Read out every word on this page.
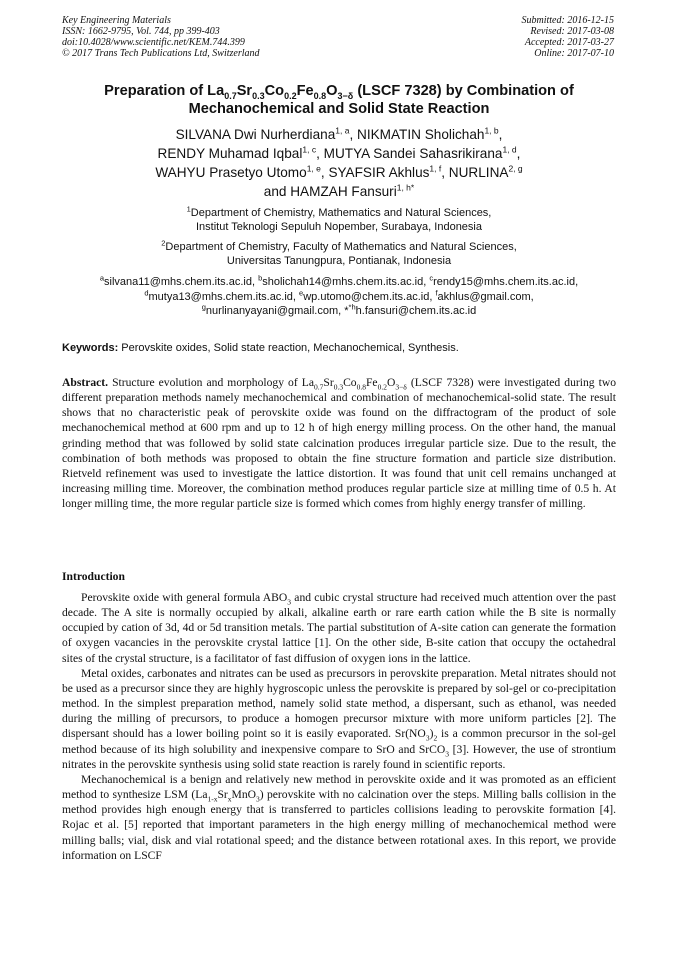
Key Engineering Materials
ISSN: 1662-9795, Vol. 744, pp 399-403
doi:10.4028/www.scientific.net/KEM.744.399
© 2017 Trans Tech Publications Ltd, Switzerland
Submitted: 2016-12-15
Revised: 2017-03-08
Accepted: 2017-03-27
Online: 2017-07-10
Preparation of $La_{0.7}Sr_{0.3}Co_{0.2}Fe_{0.8}O_{3-\delta}$ (LSCF 7328) by Combination of
Mechanochemical and Solid State Reaction
SILVANA Dwi Nurherdiana$^{1, a}$, NIKMATIN Sholichah$^{1, b}$,
RENDY Muhamad Iqbal$^{1, c}$, MUTYA Sandei Sahasrikirana$^{1, d}$,
WAHYU Prasetyo Utomo$^{1, e}$, SYAFSIR Akhlus$^{1, f}$, NURLINA$^{2, g}$
and HAMZAH Fansuri$^{1, h*}$
$^1$Department of Chemistry, Mathematics and Natural Sciences,
Institut Teknologi Sepuluh Nopember, Surabaya, Indonesia
$^2$Department of Chemistry, Faculty of Mathematics and Natural Sciences,
Universitas Tanungpura, Pontianak, Indonesia
$^a$silvana11@mhs.chem.its.ac.id, $^b$sholichah14@mhs.chem.its.ac.id, $^c$rendy15@mhs.chem.its.ac.id,
$^d$mutya13@mhs.chem.its.ac.id, $^e$wp.utomo@chem.its.ac.id, $^f$akhlus@gmail.com,
$^g$nurlinanyayani@gmail.com, *$^{*h}$h.fansuri@chem.its.ac.id
Keywords: Perovskite oxides, Solid state reaction, Mechanochemical, Synthesis.
Abstract. Structure evolution and morphology of $La_{0.7}Sr_{0.3}Co_{0.8}Fe_{0.2}O_{3-\delta}$ (LSCF 7328) were investigated during two different preparation methods namely mechanochemical and combination of mechanochemical-solid state. The result shows that no characteristic peak of perovskite oxide was found on the diffractogram of the product of sole mechanochemical method at 600 rpm and up to 12 h of high energy milling process. On the other hand, the manual grinding method that was followed by solid state calcination produces irregular particle size. Due to the result, the combination of both methods was proposed to obtain the fine structure formation and particle size distribution. Rietveld refinement was used to investigate the lattice distortion. It was found that unit cell remains unchanged at increasing milling time. Moreover, the combination method produces regular particle size at milling time of 0.5 h. At longer milling time, the more regular particle size is formed which comes from highly energy transfer of milling.
Introduction

Perovskite oxide with general formula $ABO_3$ and cubic crystal structure had received much attention over the past decade. The A site is normally occupied by alkali, alkaline earth or rare earth cation while the B site is normally occupied by cation of 3d, 4d or 5d transition metals. The partial substitution of A-site cation can generate the formation of oxygen vacancies in the perovskite crystal lattice [1]. On the other side, B-site cation that occupy the octahedral sites of the crystal structure, is a facilitator of fast diffusion of oxygen ions in the lattice.

Metal oxides, carbonates and nitrates can be used as precursors in perovskite preparation. Metal nitrates should not be used as a precursor since they are highly hygroscopic unless the perovskite is prepared by sol-gel or co-precipitation method. In the simplest preparation method, namely solid state method, a dispersant, such as ethanol, was needed during the milling of precursors, to produce a homogen precursor mixture with more uniform particles [2]. The dispersant should has a lower boiling point so it is easily evaporated. $Sr(NO_3)_2$ is a common precursor in the sol-gel method because of its high solubility and inexpensive compare to SrO and SrCO$_3$ [3]. However, the use of strontium nitrates in the perovskite synthesis using solid state reaction is rarely found in scientific reports.

Mechanochemical is a benign and relatively new method in perovskite oxide and it was promoted as an efficient method to synthesize LSM $(La_{1-x}Sr_xMnO_3)$ perovskite with no calcination over the steps. Milling balls collision in the method provides high enough energy that is transferred to particles collisions leading to perovskite formation [4]. Rojac et al. [5] reported that important parameters in the high energy milling of mechanochemical method were milling balls; vial, disk and vial rotational speed; and the distance between rotational axes. In this report, we provide information on LSCF
